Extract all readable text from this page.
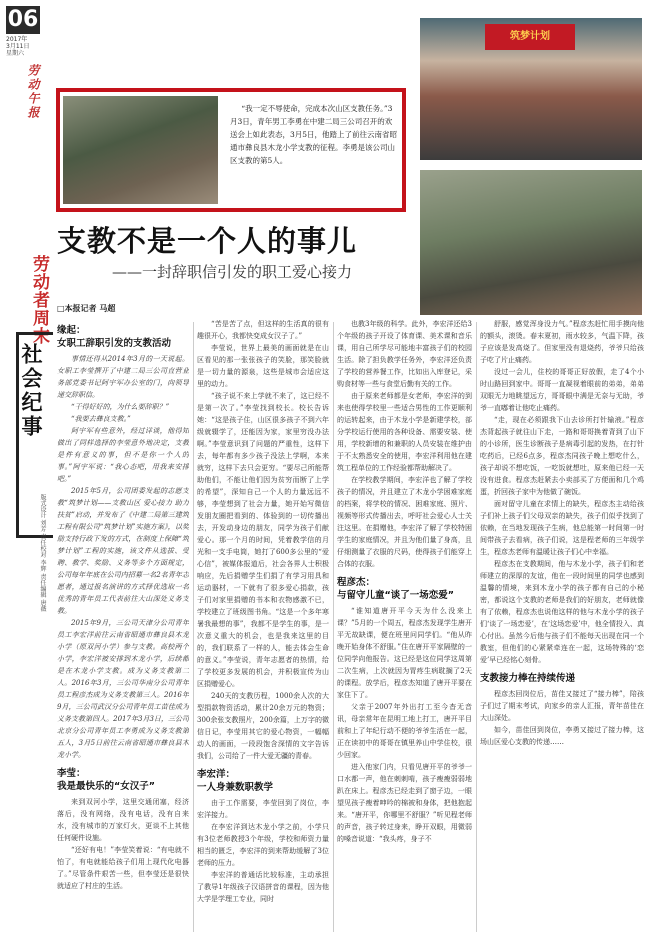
06
2017年
3月11日
星期六
劳动午报
劳动者周末
社会纪事
版式设计 刘芳 责任校对 李辉 责任编辑 唐薇
“我一定不辱使命，完成本次山区支教任务。”3月3日，青年男工李勇在中建二局三公司召开的欢送会上如此表态，3月5日，他踏上了前往云南省昭通市彝良县木龙小学支教的征程。李勇是该公司山区支教的第5人。
筑梦计划
支教不是一个人的事儿
——一封辞职信引发的职工爱心接力
□本报记者 马超
缘起：
女职工辞职引发的支教活动

事情还得从2014年3月的一天说起。女职工李莹撰开了中建二局三公司直营业务部党委书记阿宇军办公室的门，向领导递交辞职信。

“干得好好的，为什么要辞职？”

“我要去彝良支教。”

阿宇军有些意外，经过详谈，他得知做出了同样选择的李莹意外地决定，支教是件有意义的事，但不是你一个人的事。”阿宇军说：“我心态吧，用我来安排吧。”

2015年5月，公司团委发起的志愿支教“筑梦计划——支教山区 爱心接力 助力扶贫”启动，并发布了《中建二局第三建筑工程有限公司“筑梦计划”实施方案》，以奖励支持行政下发的方式，在制度上保障“筑梦计划”工程的实施，该文件从选拔、受聘、教学、奖励、义务等多个方面规定，公司每年年底在公司内招募一名2名青年志愿者，通过报名演讲的方式择优选取一名优秀的青年员工代表前往大山深处义务支教。

2015年9月，三公司天津分公司青年员工李宏洋前往云南省昭通市彝良县木龙小学（原双河小学）参与支教。高校两个小学，李宏洋被安排到木龙小学，后续都是在木龙小学支教。成为义务支教第二人。2016年3月，三公司华南分公司青年员工程彦杰成为义务支教第三人。2016年9月，三公司武汉分公司青年员工苗佳成为义务支教第四人。2017年3月3日，三公司北京分公司青年员工李勇成为义务支教第五人，3月5日前往云南省昭通市彝良县木龙小学。

李莹：
我是最快乐的“女汉子”

来到双河小学，这里交通闭塞，经济落后，没有网络，没有电话，没有自来水，没有城市的万家灯火，更谈不上其他任何硬件设施。

“还好有电！”李莹笑着说：“有电就不怕了，有电就能给孩子们用上现代化电器了。”尽管条件艰苦一些，但李莹还是很快就适应了村庄的生活。

“苦是苦了点，但这样的生活真的很有趣很开心，我都快变成女汉子了。”

李莹说，世界上最美的画面就是在山区看见的那一张张孩子的笑脸，那笑脸就是一切力量的源泉，这些是城市会适应这里的动力。

“孩子说不来上学就不来了，这已经不是第一次了。”李莹找到校长。校长告诉她：“这是孩子住，山区很多孩子不到六年级就辍学了，还能因为家，家里穷没办法啊。”李莹意识到了问题的严重性，这样下去，每年都有多少孩子没法上学啊，本来就穷，这样下去只会更穷。“要尽己所能帮助他们，不能让他们因为贫穷而断了上学的希望”，深知自己一个人的力量远远不够，李莹想到了社会力量，她开始写微信发朋友圈把看到的、体验到的一切传播出去，开发动身边的朋友，同学为孩子们献爱心。那一个月的时间，凭着教学信的月光和一支手电筒，她打了600多公里的“爱心信”，被媒体报道后，社会各界人士积极响应，先后捐赠学生们捐了有学习用具和运动器材，一下就有了很多爱心捐款，孩子们对家里捐赠的书本和衣物感激不已，学校建立了班级图书角。“这是一个多年寒暑我最想的事”，我都不是学生的事，是一次意义重大的机会，也是我来这里的目的，我们联系了一样的人，能去体会生命的意义。”李莹说，青年志愿者的热情，给了学校更多发展的机会，并积极宣传为山区捐赠爱心。

240天的支教历程，1000余人次的大型捐款物资活动，累计20余万元的物资；300余张支教照片，200余篇，上万字的微信日记，李莹用其它的爱心物资，一幅幅动人的画面，一段段饱含深情的文字告诉我们，公司给了一件大爱无疆的青春。

李宏洋：
一人身兼数职教学

由于工作需要，李莹回到了岗位，李宏洋接力。

在李宏洋到达木龙小学之前，小学只有3位老师教授3个年级，学校和师资力量相当的匮乏，李宏洋的到来帮助缓解了3位老师的压力。

李宏洋的普通话比较标准，主动承担了教导1年级孩子汉语拼音的课程，因为他大学是学理工专业，同时

也教3年级的科学。此外，李宏洋还给3个年级的孩子开设了体育课、美术课和音乐课，用自己所学尽可能地丰富孩子们的校园生活。除了担负教学任务外，李宏洋还负责了学校的营养餐工作，比如出入库登记，采购食材等一些与食堂后勤有关的工作。

由于原来老师都是女老师，李宏洋的到来也使得学校里一些适合男性的工作更顺利的运转起来，由于木龙小学是新建学校，部分学校运行使用的各种设备、需要安装、使用，学校新增的和兼职的人员安装在维护由于不太熟悉安全的使用，李宏洋利用他在建筑工程单位的工作经验都帮助解决了。

在学校教学期间，李宏洋也了解了学校孩子的情况，并且建立了木龙小学困难家庭的档案，将学校的情况、困难家庭、照片、视频等形式传播出去，呼吁社会爱心人士关注这里。在捐赠他，李宏洋了解了学校特困学生的家庭情况，并且为他们量了身高，且仔细测量了衣服的尺码，使得孩子们能穿上合体的衣服。

程彦杰：
与留守儿童“谈了一场恋爱”

“谁知道唐开平今天为什么没来上课？”5月的一个周五，程彦杰发现学生唐开平无故缺课，便在班里问同学们。“他从昨晚开始身体不舒服。”住在唐开平家隔壁的一位同学向他报告。这已经是这位同学这周第二次生病，上次就因为胃疼生病耽搁了2天的课程。放学后，程彦杰知道了唐开平要在家住下了。

父亲于2007年外出打工至今杳无音讯，母亲常年在昆明工地上打工，唐开平目前和上了年纪行动不便的爷爷生活在一起，正在读初中的哥哥在镇里养山中学住校，很少回家。

进入他家门内，只看见唐开平的爷爷一口水都一声，他在刺刺啃，孩子瘦瘦弱弱地趴在床上。程彦杰已经走到了窗子边，一眼望见孩子瘦着呻吟的棉被和身体，把他抱起来。“唐开平，你哪里不舒服？”听见程老师的声音，孩子转过身来，睁开双眼，用微弱的嗓音说道：“我头疼，身子不

舒服，感觉浑身没力气。”程彦杰赶忙用手摸向他的额头，滚烫。春末夏初，雨水较多，气温下降，孩子应该是发高烧了。但家里没有退烧药，爷爷只给孩子吃了片止痛药。

没过一会儿，住校的哥哥正好放假，走了4个小时山路回到家中。哥哥一直凝视着眼前的弟弟，弟弟双眼无力地眺望远方，哥哥眼中满是无奈与无助，爷爷一直嘟着让他吃止痛药。

“走，现在必须跟我下山去诊所打针输液。”程彦杰背起孩子就往山下走，一路和哥哥换着背到了山下的小诊所，医生诊断孩子是病毒引起的发热，在打针吃药后，已经6点多，程彦杰同孩子晚上想吃什么，孩子却说不想吃饭，一吃饭就想吐，原来他已经一天没有进食。程彦杰赶紧去小卖部买了方便面和几个鸡蛋，折回孩子家中为他做了碗饭。

面对留守儿童在求情上的缺失，程彦杰主动给孩子们补上孩子们父母双亲的缺失，孩子们似乎找到了依赖，在当地发现孩子生病，他总能第一时间第一时间带孩子去看病，孩子们说，这是程老师的三年级学生，程彦杰老师有温暖让孩子们心中幸福。

程彦杰在支教期间，他与木龙小学，孩子们和老师建立的深厚的友谊，他在一段时间里的同学也感到温馨的情境，来到木龙小学的孩子都有自己的小秘密，都说这个支教的老师是我们的好朋友，老师就像有了依赖，程彦杰也说他这样的他与木龙小学的孩子们‘谈了一场恋爱’，在‘这场恋爱’中，他全情投入、真心付出。虽然今后他与孩子们不能每天出现在同一个教室，但他们的心紧紧牵连在一起，这场特殊的‘恋爱’早已经铭心刻骨。

支教接力棒在持续传递

程彦杰回岗位后，苗佳又接过了“接力棒”，陪孩子们过了期末考试，向家乡的亲人汇报，青年苗佳在大山深处。

如今，苗佳回到岗位，李勇又接过了接力棒，这场山区爱心支教的传递……
